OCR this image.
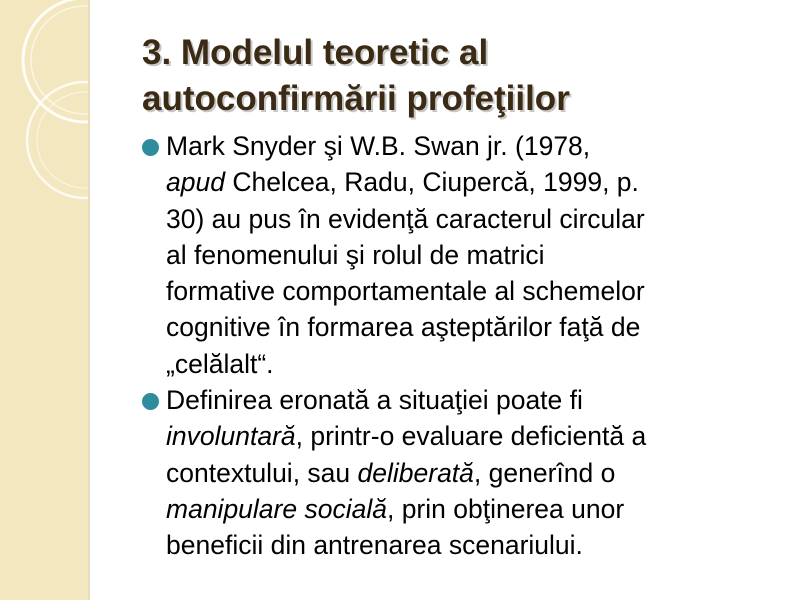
3. Modelul teoretic al
autoconfirmării profeţiilor
Mark Snyder şi W.B. Swan jr. (1978,
apud Chelcea, Radu, Ciupercă, 1999, p.
30) au pus în evidenţă caracterul circular
al fenomenului şi rolul de matrici
formative comportamentale al schemelor
cognitive în formarea aşteptărilor faţă de
„celălalt“.
Definirea eronată a situaţiei poate fi
involuntară, printr-o evaluare deficientă a
contextului, sau deliberată, generînd o
manipulare socială, prin obţinerea unor
beneficii din antrenarea scenariului.
